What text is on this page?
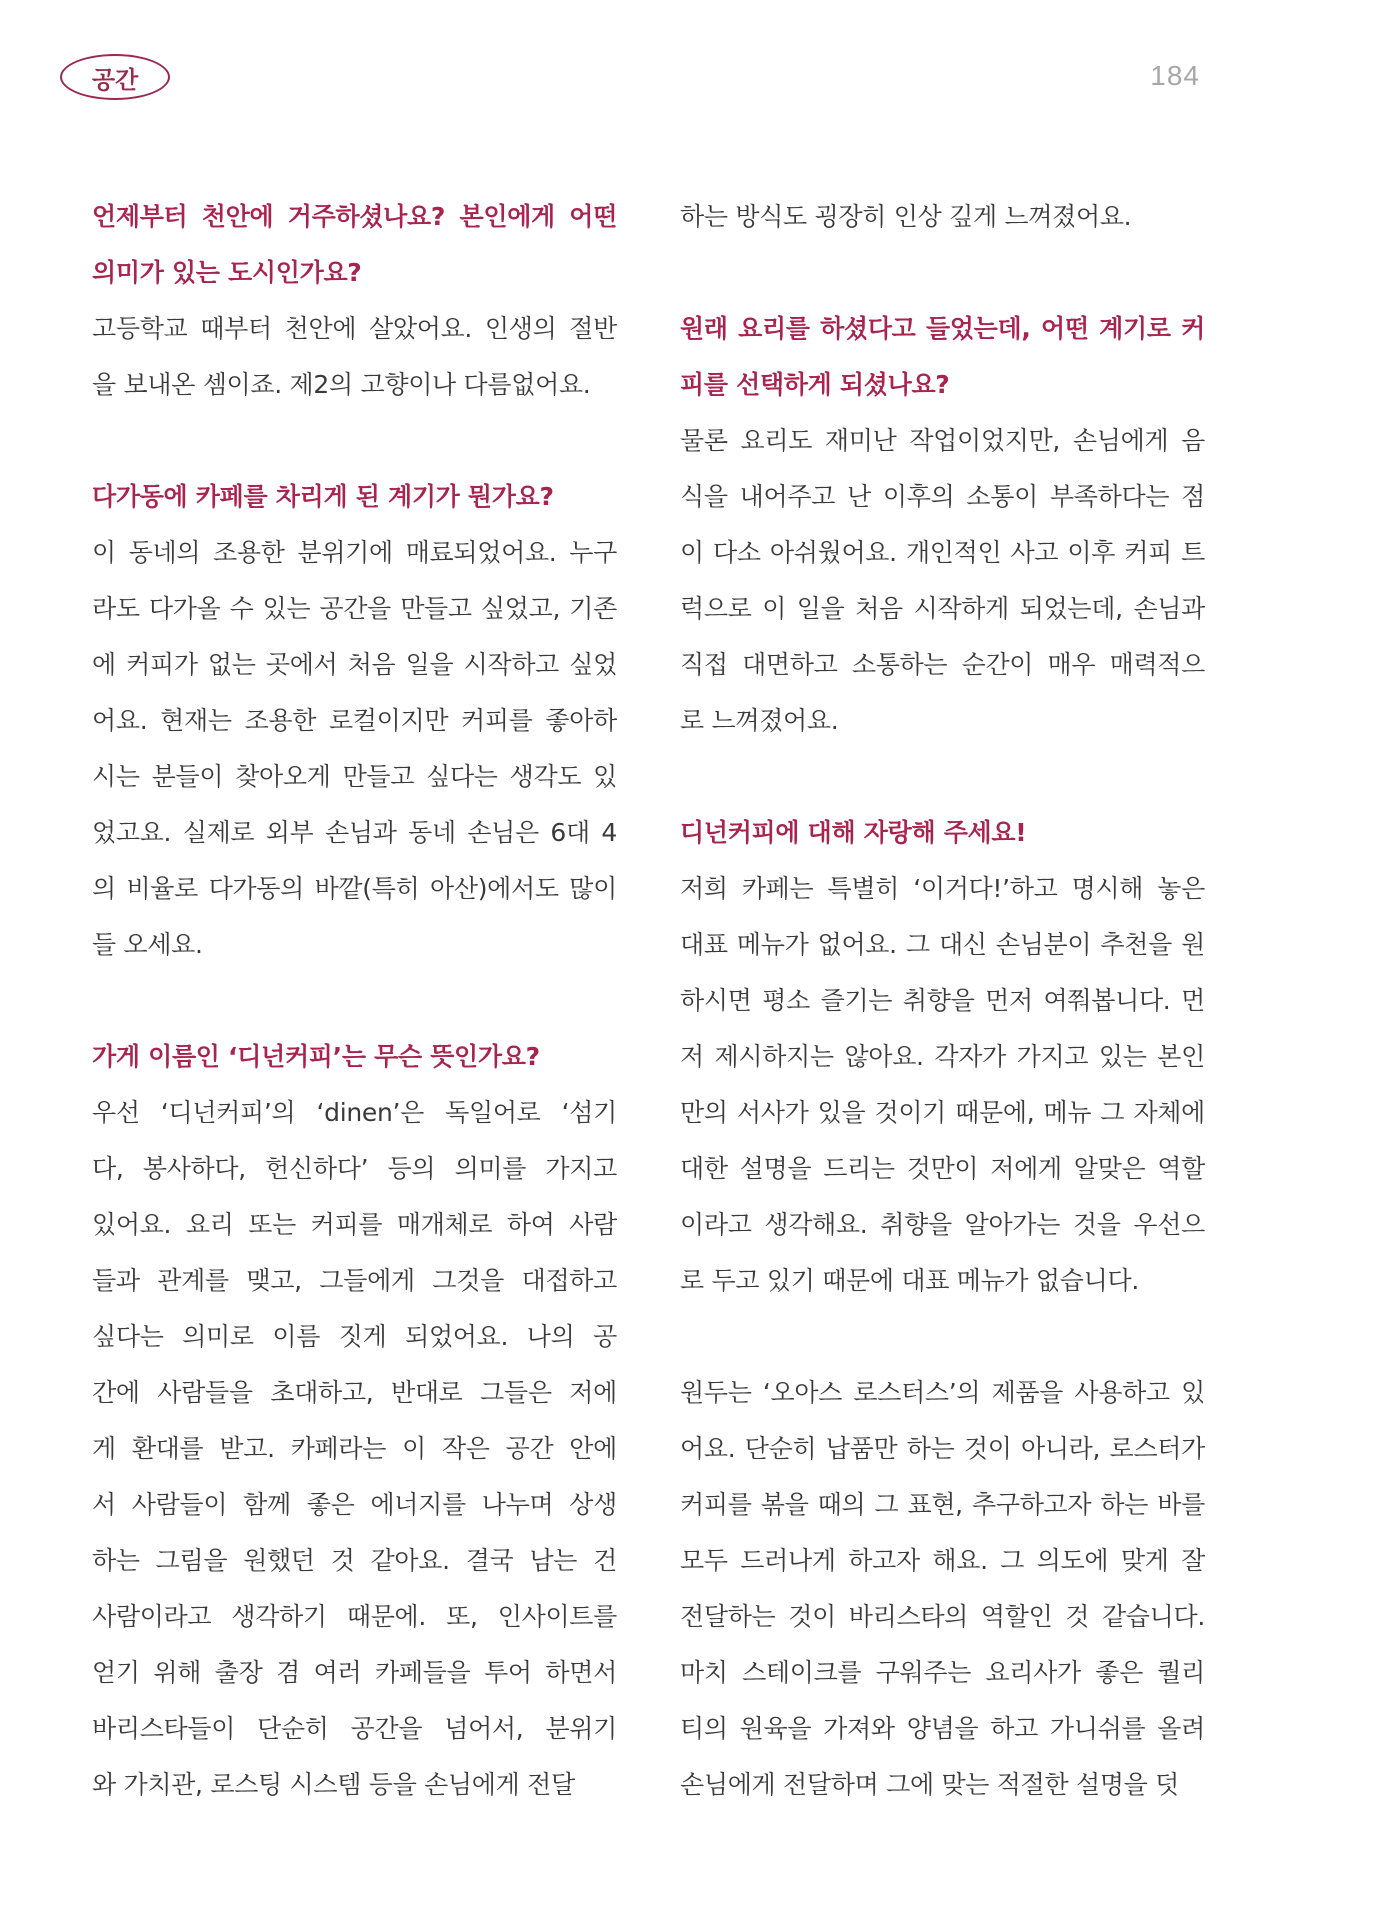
공간	184
언제부터 천안에 거주하셨나요? 본인에게 어떤
의미가 있는 도시인가요?
고등학교 때부터 천안에 살았어요. 인생의 절반
을 보내온 셈이죠. 제2의 고향이나 다름없어요.
다가동에 카페를 차리게 된 계기가 뭔가요?
이 동네의 조용한 분위기에 매료되었어요. 누구
라도 다가올 수 있는 공간을 만들고 싶었고, 기존
에 커피가 없는 곳에서 처음 일을 시작하고 싶었
어요. 현재는 조용한 로컬이지만 커피를 좋아하
시는 분들이 찾아오게 만들고 싶다는 생각도 있
었고요. 실제로 외부 손님과 동네 손님은 6대 4
의 비율로 다가동의 바깥(특히 아산)에서도 많이
들 오세요.
가게 이름인 ‘디넌커피’는 무슨 뜻인가요?
우선 ‘디넌커피’의 ‘dinen’은 독일어로 ‘섬기
다, 봉사하다, 헌신하다’ 등의 의미를 가지고
있어요. 요리 또는 커피를 매개체로 하여 사람
들과 관계를 맺고, 그들에게 그것을 대접하고
싶다는 의미로 이름 짓게 되었어요. 나의 공
간에 사람들을 초대하고, 반대로 그들은 저에
게 환대를 받고. 카페라는 이 작은 공간 안에
서 사람들이 함께 좋은 에너지를 나누며 상생
하는 그림을 원했던 것 같아요. 결국 남는 건
사람이라고 생각하기 때문에. 또, 인사이트를
얻기 위해 출장 겸 여러 카페들을 투어 하면서
바리스타들이 단순히 공간을 넘어서, 분위기
와 가치관, 로스팅 시스템 등을 손님에게 전달
하는 방식도 굉장히 인상 깊게 느껴졌어요.
원래 요리를 하셨다고 들었는데, 어떤 계기로 커
피를 선택하게 되셨나요?
물론 요리도 재미난 작업이었지만, 손님에게 음
식을 내어주고 난 이후의 소통이 부족하다는 점
이 다소 아쉬웠어요. 개인적인 사고 이후 커피 트
럭으로 이 일을 처음 시작하게 되었는데, 손님과
직접 대면하고 소통하는 순간이 매우 매력적으
로 느껴졌어요.
디넌커피에 대해 자랑해 주세요!
저희 카페는 특별히 ‘이거다!’하고 명시해 놓은
대표 메뉴가 없어요. 그 대신 손님분이 추천을 원
하시면 평소 즐기는 취향을 먼저 여쭤봅니다. 먼
저 제시하지는 않아요. 각자가 가지고 있는 본인
만의 서사가 있을 것이기 때문에, 메뉴 그 자체에
대한 설명을 드리는 것만이 저에게 알맞은 역할
이라고 생각해요. 취향을 알아가는 것을 우선으
로 두고 있기 때문에 대표 메뉴가 없습니다.
원두는 ‘오아스 로스터스’의 제품을 사용하고 있
어요. 단순히 납품만 하는 것이 아니라, 로스터가
커피를 볶을 때의 그 표현, 추구하고자 하는 바를
모두 드러나게 하고자 해요. 그 의도에 맞게 잘
전달하는 것이 바리스타의 역할인 것 같습니다.
마치 스테이크를 구워주는 요리사가 좋은 퀄리
티의 원육을 가져와 양념을 하고 가니쉬를 올려
손님에게 전달하며 그에 맞는 적절한 설명을 덧
